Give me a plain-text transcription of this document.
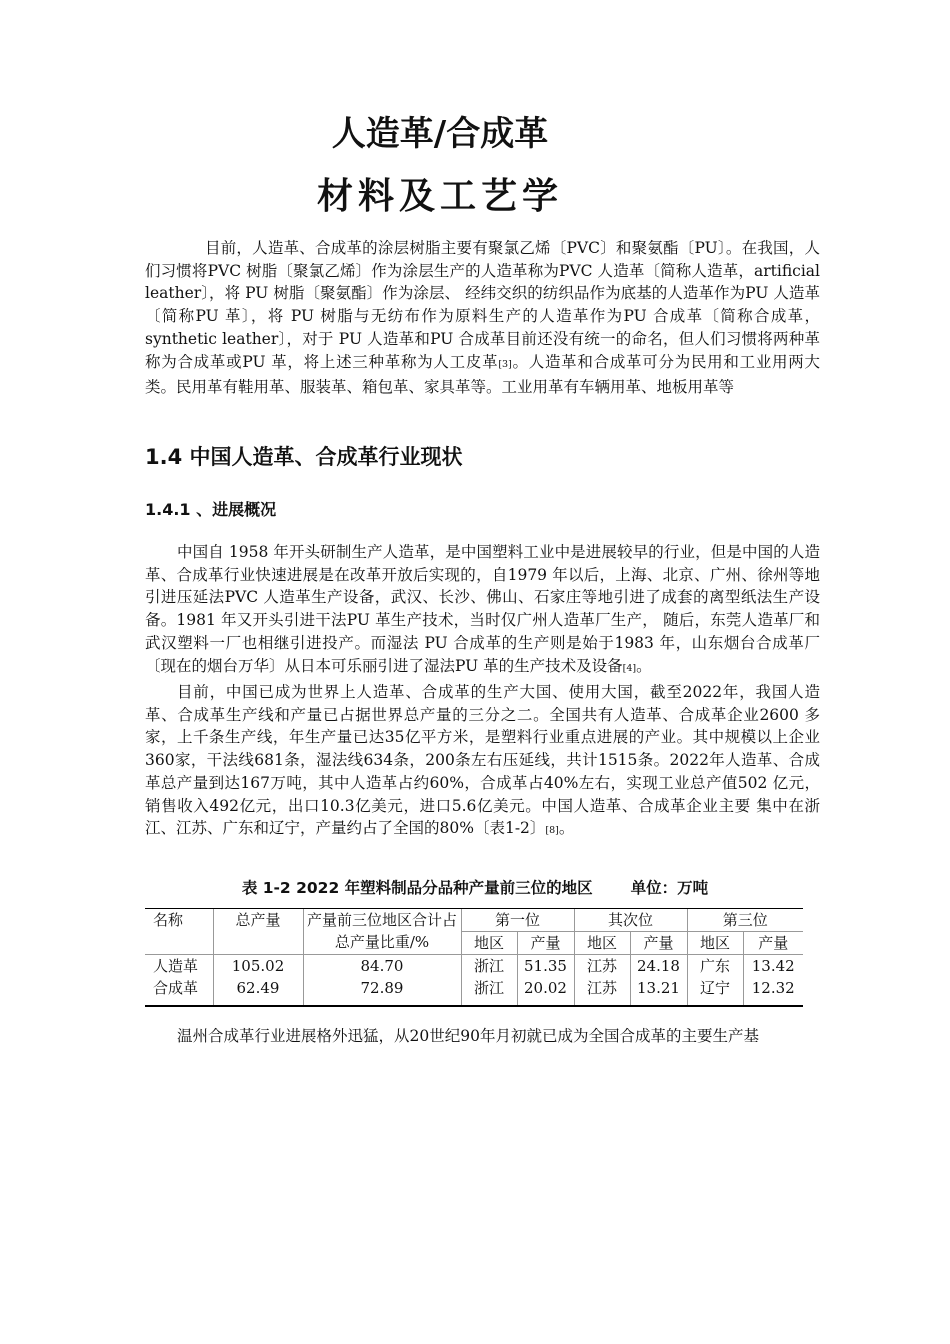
人造革/合成革
材料及工艺学

目前，人造革、合成革的涂层树脂主要有聚氯乙烯〔PVC〕和聚氨酯〔PU〕。在我国，人们习惯将PVC 树脂〔聚氯乙烯〕作为涂层生产的人造革称为PVC 人造革〔简称人造革，artificial leather〕，将 PU 树脂〔聚氨酯〕作为涂层、 经纬交织的纺织品作为底基的人造革作为PU 人造革〔简称PU 革〕，将 PU 树脂与无纺布作为原料生产的人造革作为PU 合成革〔简称合成革，synthetic leather〕，对于 PU 人造革和PU 合成革目前还没有统一的命名，但人们习惯将两种革称为合成革或PU 革，将上述三种革称为人工皮革[3]。人造革和合成革可分为民用和工业用两大类。民用革有鞋用革、服装革、箱包革、家具革等。工业用革有车辆用革、地板用革等

1.4 中国人造革、合成革行业现状
1.4.1 、进展概况

中国自 1958 年开头研制生产人造革，是中国塑料工业中是进展较早的行业，但是中国的人造革、合成革行业快速进展是在改革开放后实现的，自1979 年以后，上海、北京、广州、徐州等地引进压延法PVC 人造革生产设备，武汉、长沙、佛山、石家庄等地引进了成套的离型纸法生产设备。1981 年又开头引进干法PU 革生产技术，当时仅广州人造革厂生产， 随后，东莞人造革厂和武汉塑料一厂也相继引进投产。而湿法 PU 合成革的生产则是始于1983 年，山东烟台合成革厂〔现在的烟台万华〕从日本可乐丽引进了湿法PU 革的生产技术及设备[4]。

目前，中国已成为世界上人造革、合成革的生产大国、使用大国，截至2022年，我国人造革、合成革生产线和产量已占据世界总产量的三分之二。全国共有人造革、合成革企业2600 多家，上千条生产线，年生产量已达35亿平方米，是塑料行业重点进展的产业。其中规模以上企业360家，干法线681条，湿法线634条，200条左右压延线，共计1515条。2022年人造革、合成革总产量到达167万吨，其中人造革占约60%，合成革占40%左右，实现工业总产值502 亿元，销售收入492亿元，出口10.3亿美元，进口5.6亿美元。中国人造革、合成革企业主要 集中在浙江、江苏、广东和辽宁，产量约占了全国的80%〔表1-2〕[8]。

表 1-2 2022 年塑料制品分品种产量前三位的地区 单位：万吨
名称	总产量	产量前三位地区合计占总产量比重/%	第一位		其次位		第三位	
			地区	产量	地区	产量	地区	产量
人造革	105.02	84.70	浙江	51.35	江苏	24.18	广东	13.42
合成革	62.49	72.89	浙江	20.02	江苏	13.21	辽宁	12.32

温州合成革行业进展格外迅猛，从20世纪90年月初就已成为全国合成革的主要生产基
